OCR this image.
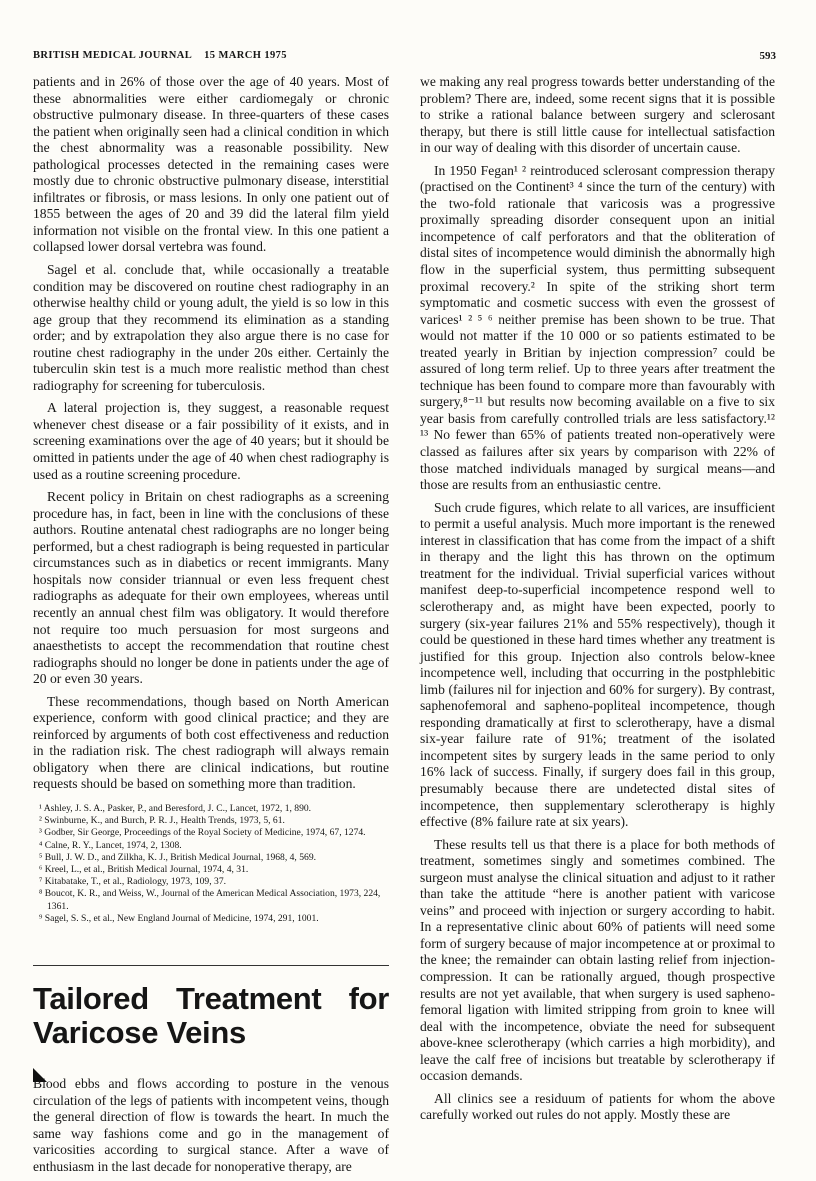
BRITISH MEDICAL JOURNAL 15 MARCH 1975	593

patients and in 26% of those over the age of 40 years. Most of these abnormalities were either cardiomegaly or chronic obstructive pulmonary disease. In three-quarters of these cases the patient when originally seen had a clinical condition in which the chest abnormality was a reasonable possibility. New pathological processes detected in the remaining cases were mostly due to chronic obstructive pulmonary disease, interstitial infiltrates or fibrosis, or mass lesions. In only one patient out of 1855 between the ages of 20 and 39 did the lateral film yield information not visible on the frontal view. In this one patient a collapsed lower dorsal vertebra was found.

Sagel et al. conclude that, while occasionally a treatable condition may be discovered on routine chest radiography in an otherwise healthy child or young adult, the yield is so low in this age group that they recommend its elimination as a standing order; and by extrapolation they also argue there is no case for routine chest radiography in the under 20s either. Certainly the tuberculin skin test is a much more realistic method than chest radiography for screening for tuberculosis.

A lateral projection is, they suggest, a reasonable request whenever chest disease or a fair possibility of it exists, and in screening examinations over the age of 40 years; but it should be omitted in patients under the age of 40 when chest radiography is used as a routine screening procedure.

Recent policy in Britain on chest radiographs as a screening procedure has, in fact, been in line with the conclusions of these authors. Routine antenatal chest radiographs are no longer being performed, but a chest radiograph is being requested in particular circumstances such as in diabetics or recent immigrants. Many hospitals now consider triannual or even less frequent chest radiographs as adequate for their own employees, whereas until recently an annual chest film was obligatory. It would therefore not require too much persuasion for most surgeons and anaesthetists to accept the recommendation that routine chest radiographs should no longer be done in patients under the age of 20 or even 30 years.

These recommendations, though based on North American experience, conform with good clinical practice; and they are reinforced by arguments of both cost effectiveness and reduction in the radiation risk. The chest radiograph will always remain obligatory when there are clinical indications, but routine requests should be based on something more than tradition.

¹ Ashley, J. S. A., Pasker, P., and Beresford, J. C., Lancet, 1972, 1, 890.
² Swinburne, K., and Burch, P. R. J., Health Trends, 1973, 5, 61.
³ Godber, Sir George, Proceedings of the Royal Society of Medicine, 1974, 67, 1274.
⁴ Calne, R. Y., Lancet, 1974, 2, 1308.
⁵ Bull, J. W. D., and Zilkha, K. J., British Medical Journal, 1968, 4, 569.
⁶ Kreel, L., et al., British Medical Journal, 1974, 4, 31.
⁷ Kitabatake, T., et al., Radiology, 1973, 109, 37.
⁸ Boucot, K. R., and Weiss, W., Journal of the American Medical Association, 1973, 224, 1361.
⁹ Sagel, S. S., et al., New England Journal of Medicine, 1974, 291, 1001.
Tailored Treatment for Varicose Veins

Blood ebbs and flows according to posture in the venous circulation of the legs of patients with incompetent veins, though the general direction of flow is towards the heart. In much the same way fashions come and go in the management of varicosities according to surgical stance. After a wave of enthusiasm in the last decade for nonoperative therapy, are

we making any real progress towards better understanding of the problem? There are, indeed, some recent signs that it is possible to strike a rational balance between surgery and sclerosant therapy, but there is still little cause for intellectual satisfaction in our way of dealing with this disorder of uncertain cause.

In 1950 Fegan¹ ² reintroduced sclerosant compression therapy (practised on the Continent³ ⁴ since the turn of the century) with the two-fold rationale that varicosis was a progressive proximally spreading disorder consequent upon an initial incompetence of calf perforators and that the obliteration of distal sites of incompetence would diminish the abnormally high flow in the superficial system, thus permitting subsequent proximal recovery.² In spite of the striking short term symptomatic and cosmetic success with even the grossest of varices¹ ² ⁵ ⁶ neither premise has been shown to be true. That would not matter if the 10 000 or so patients estimated to be treated yearly in Britian by injection compression⁷ could be assured of long term relief. Up to three years after treatment the technique has been found to compare more than favourably with surgery,⁸⁻¹¹ but results now becoming available on a five to six year basis from carefully controlled trials are less satisfactory.¹² ¹³ No fewer than 65% of patients treated non-operatively were classed as failures after six years by comparison with 22% of those matched individuals managed by surgical means—and those are results from an enthusiastic centre.

Such crude figures, which relate to all varices, are insufficient to permit a useful analysis. Much more important is the renewed interest in classification that has come from the impact of a shift in therapy and the light this has thrown on the optimum treatment for the individual. Trivial superficial varices without manifest deep-to-superficial incompetence respond well to sclerotherapy and, as might have been expected, poorly to surgery (six-year failures 21% and 55% respectively), though it could be questioned in these hard times whether any treatment is justified for this group. Injection also controls below-knee incompetence well, including that occurring in the postphlebitic limb (failures nil for injection and 60% for surgery). By contrast, saphenofemoral and sapheno-popliteal incompetence, though responding dramatically at first to sclerotherapy, have a dismal six-year failure rate of 91%; treatment of the isolated incompetent sites by surgery leads in the same period to only 16% lack of success. Finally, if surgery does fail in this group, presumably because there are undetected distal sites of incompetence, then supplementary sclerotherapy is highly effective (8% failure rate at six years).

These results tell us that there is a place for both methods of treatment, sometimes singly and sometimes combined. The surgeon must analyse the clinical situation and adjust to it rather than take the attitude “here is another patient with varicose veins” and proceed with injection or surgery according to habit. In a representative clinic about 60% of patients will need some form of surgery because of major incompetence at or proximal to the knee; the remainder can obtain lasting relief from injection-compression. It can be rationally argued, though prospective results are not yet available, that when surgery is used sapheno-femoral ligation with limited stripping from groin to knee will deal with the incompetence, obviate the need for subsequent above-knee sclerotherapy (which carries a high morbidity), and leave the calf free of incisions but treatable by sclerotherapy if occasion demands.

All clinics see a residuum of patients for whom the above carefully worked out rules do not apply. Mostly these are
